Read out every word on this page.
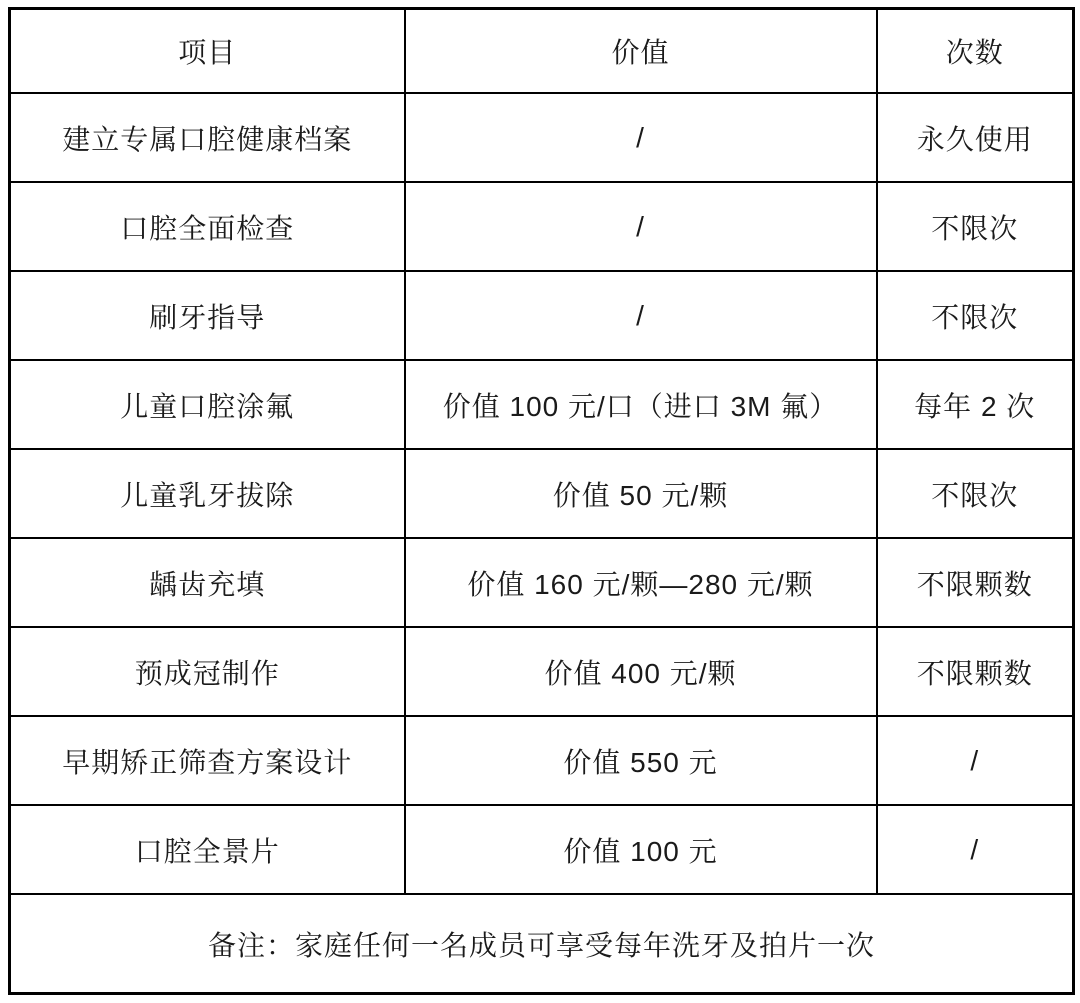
项目	价值	次数
建立专属口腔健康档案	/	永久使用
口腔全面检查	/	不限次
刷牙指导	/	不限次
儿童口腔涂氟	价值 100 元/口（进口 3M 氟）	每年 2 次
儿童乳牙拔除	价值 50 元/颗	不限次
龋齿充填	价值 160 元/颗—280 元/颗	不限颗数
预成冠制作	价值 400 元/颗	不限颗数
早期矫正筛查方案设计	价值 550 元	/
口腔全景片	价值 100 元	/
备注：家庭任何一名成员可享受每年洗牙及拍片一次		
